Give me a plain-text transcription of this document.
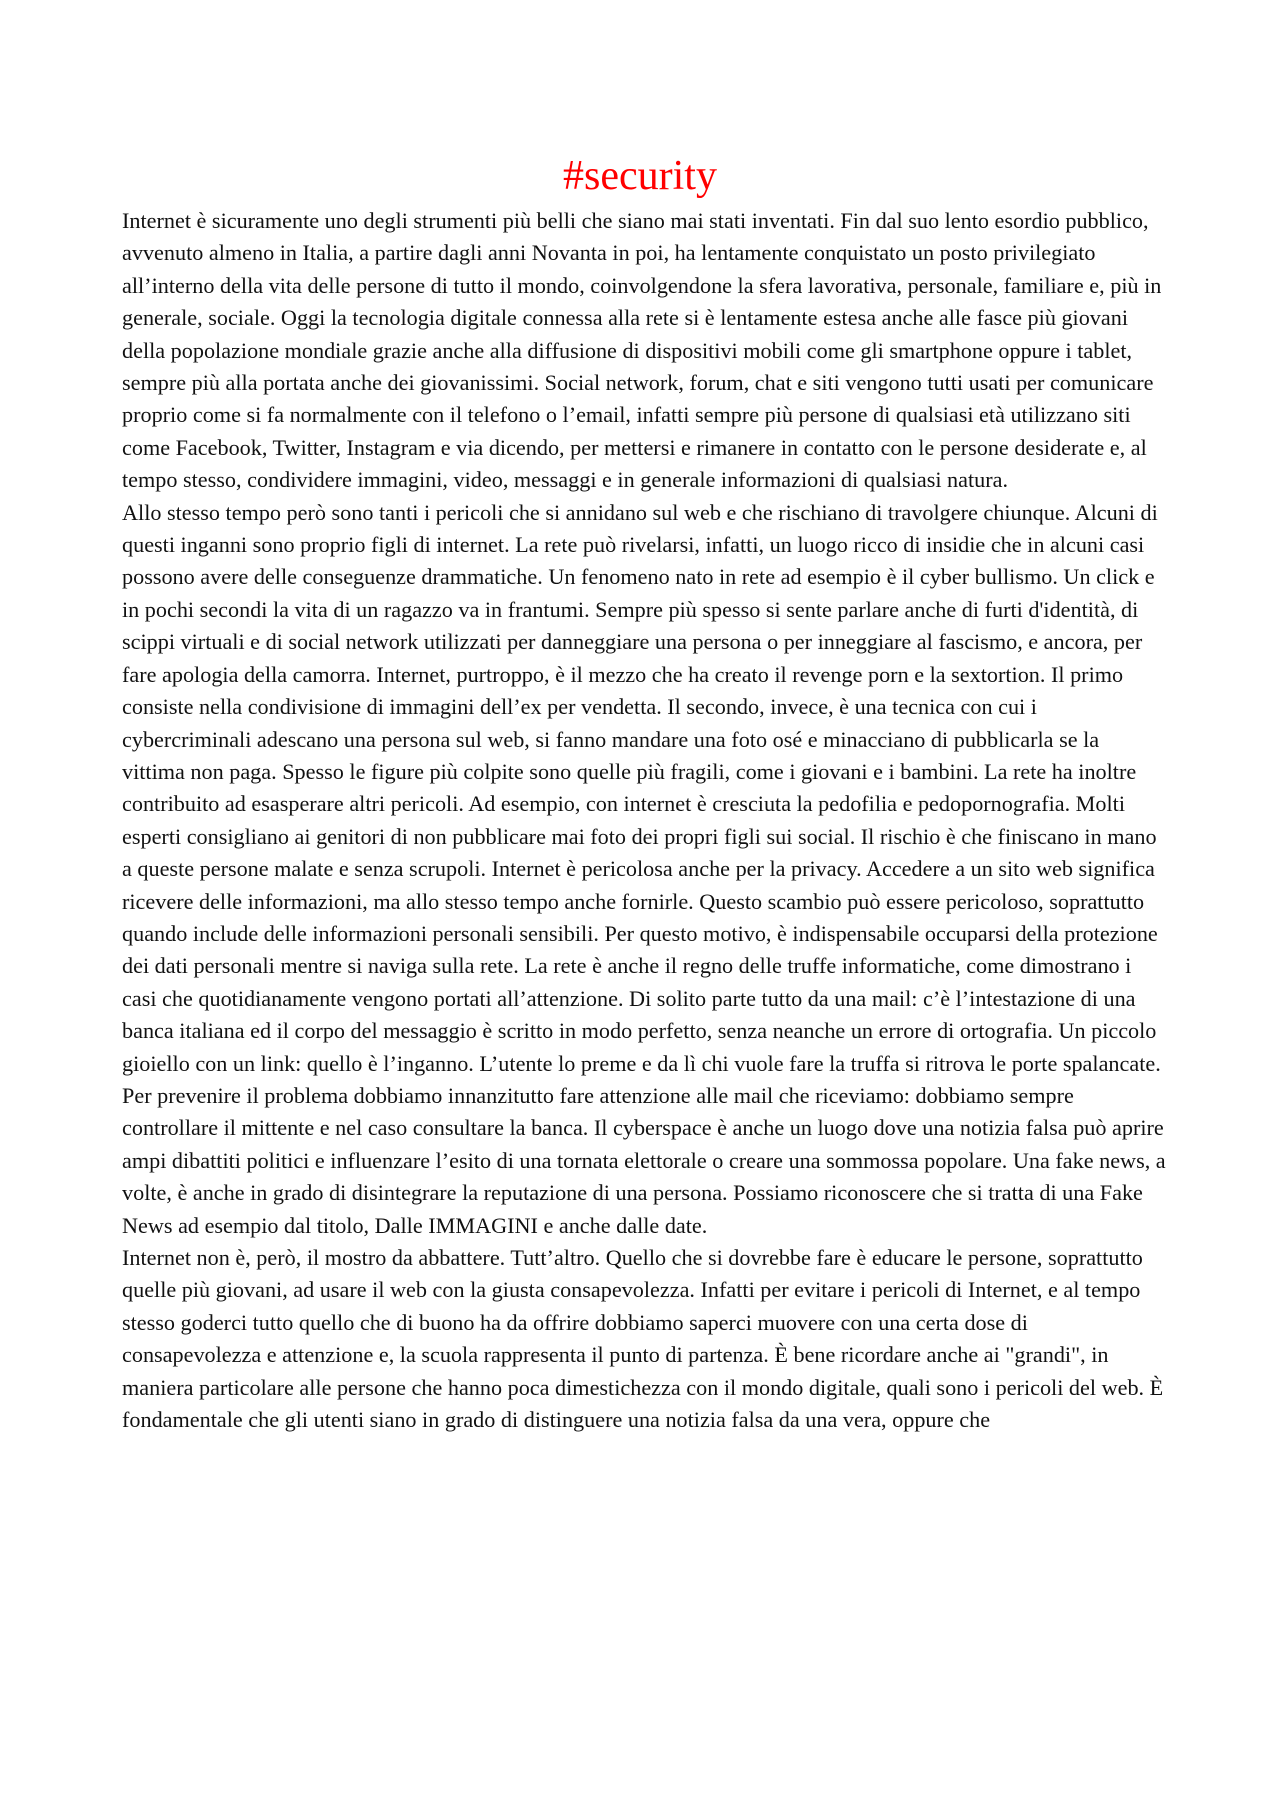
#security

Internet è sicuramente uno degli strumenti più belli che siano mai stati inventati. Fin dal suo lento esordio pubblico, avvenuto almeno in Italia, a partire dagli anni Novanta in poi, ha lentamente conquistato un posto privilegiato all’interno della vita delle persone di tutto il mondo, coinvolgendone la sfera lavorativa, personale, familiare e, più in generale, sociale. Oggi la tecnologia digitale connessa alla rete si è lentamente estesa anche alle fasce più giovani della popolazione mondiale grazie anche alla diffusione di dispositivi mobili come gli smartphone oppure i tablet, sempre più alla portata anche dei giovanissimi. Social network, forum, chat e siti vengono tutti usati per comunicare proprio come si fa normalmente con il telefono o l’email, infatti sempre più persone di qualsiasi età utilizzano siti come Facebook, Twitter, Instagram e via dicendo, per mettersi e rimanere in contatto con le persone desiderate e, al tempo stesso, condividere immagini, video, messaggi e in generale informazioni di qualsiasi natura.

Allo stesso tempo però sono tanti i pericoli che si annidano sul web e che rischiano di travolgere chiunque. Alcuni di questi inganni sono proprio figli di internet. La rete può rivelarsi, infatti, un luogo ricco di insidie che in alcuni casi possono avere delle conseguenze drammatiche. Un fenomeno nato in rete ad esempio è il cyber bullismo. Un click e in pochi secondi la vita di un ragazzo va in frantumi. Sempre più spesso si sente parlare anche di furti d'identità, di scippi virtuali e di social network utilizzati per danneggiare una persona o per inneggiare al fascismo, e ancora, per fare apologia della camorra. Internet, purtroppo, è il mezzo che ha creato il revenge porn e la sextortion. Il primo consiste nella condivisione di immagini dell’ex per vendetta. Il secondo, invece, è una tecnica con cui i cybercriminali adescano una persona sul web, si fanno mandare una foto osé e minacciano di pubblicarla se la vittima non paga. Spesso le figure più colpite sono quelle più fragili, come i giovani e i bambini. La rete ha inoltre contribuito ad esasperare altri pericoli. Ad esempio, con internet è cresciuta la pedofilia e pedopornografia. Molti esperti consigliano ai genitori di non pubblicare mai foto dei propri figli sui social. Il rischio è che finiscano in mano a queste persone malate e senza scrupoli. Internet è pericolosa anche per la privacy. Accedere a un sito web significa ricevere delle informazioni, ma allo stesso tempo anche fornirle. Questo scambio può essere pericoloso, soprattutto quando include delle informazioni personali sensibili. Per questo motivo, è indispensabile occuparsi della protezione dei dati personali mentre si naviga sulla rete. La rete è anche il regno delle truffe informatiche, come dimostrano i casi che quotidianamente vengono portati all’attenzione. Di solito parte tutto da una mail: c’è l’intestazione di una banca italiana ed il corpo del messaggio è scritto in modo perfetto, senza neanche un errore di ortografia. Un piccolo gioiello con un link: quello è l’inganno. L’utente lo preme e da lì chi vuole fare la truffa si ritrova le porte spalancate. Per prevenire il problema dobbiamo innanzitutto fare attenzione alle mail che riceviamo: dobbiamo sempre controllare il mittente e nel caso consultare la banca. Il cyberspace è anche un luogo dove una notizia falsa può aprire ampi dibattiti politici e influenzare l’esito di una tornata elettorale o creare una sommossa popolare. Una fake news, a volte, è anche in grado di disintegrare la reputazione di una persona. Possiamo riconoscere che si tratta di una Fake News ad esempio dal titolo, Dalle IMMAGINI e anche dalle date.

Internet non è, però, il mostro da abbattere. Tutt’altro. Quello che si dovrebbe fare è educare le persone, soprattutto quelle più giovani, ad usare il web con la giusta consapevolezza. Infatti per evitare i pericoli di Internet, e al tempo stesso goderci tutto quello che di buono ha da offrire dobbiamo saperci muovere con una certa dose di consapevolezza e attenzione e, la scuola rappresenta il punto di partenza. È bene ricordare anche ai "grandi", in maniera particolare alle persone che hanno poca dimestichezza con il mondo digitale, quali sono i pericoli del web. È fondamentale che gli utenti siano in grado di distinguere una notizia falsa da una vera, oppure che
